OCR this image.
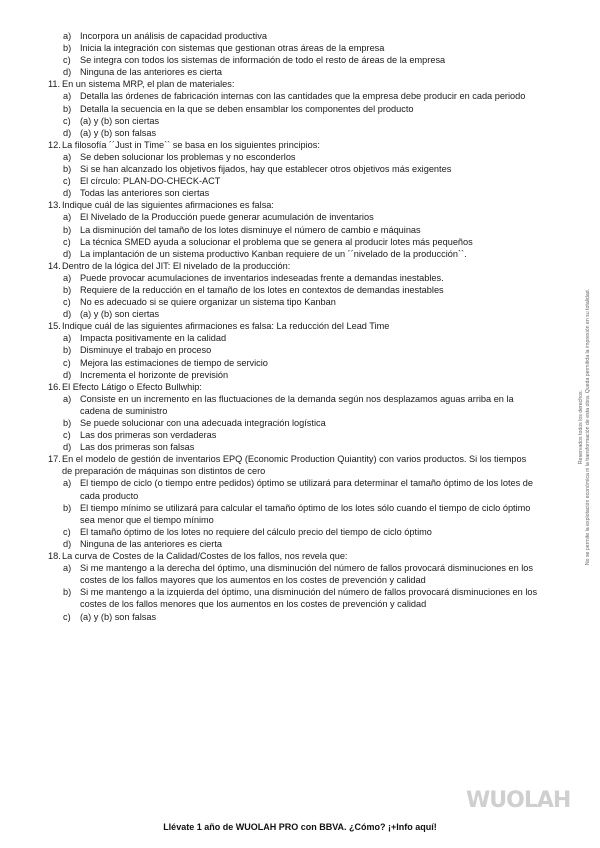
a) Incorpora un análisis de capacidad productiva
b) Inicia la integración con sistemas que gestionan otras áreas de la empresa
c) Se integra con todos los sistemas de información de todo el resto de áreas de la empresa
d) Ninguna de las anteriores es cierta
11. En un sistema MRP, el plan de materiales:
a) Detalla las órdenes de fabricación internas con las cantidades que la empresa debe producir en cada periodo
b) Detalla la secuencia en la que se deben ensamblar los componentes del producto
c) (a) y (b) son ciertas
d) (a) y (b) son falsas
12.La filosofía ´´Just in Time`` se basa en los siguientes principios:
a) Se deben solucionar los problemas y no esconderlos
b) Si se han alcanzado los objetivos fijados, hay que establecer otros objetivos más exigentes
c) El círculo: PLAN-DO-CHECK-ACT
d) Todas las anteriores son ciertas
13.Indique cuál de las siguientes afirmaciones es falsa:
a) El Nivelado de la Producción puede generar acumulación de inventarios
b) La disminución del tamaño de los lotes disminuye el número de cambio e máquinas
c) La técnica SMED ayuda a solucionar el problema que se genera al producir lotes más pequeños
d) La implantación de un sistema productivo Kanban requiere de un ´´nivelado de la producción``.
14.Dentro de la lógica del JIT: El nivelado de la producción:
a) Puede provocar acumulaciones de inventarios indeseadas frente a demandas inestables.
b) Requiere de la reducción en el tamaño de los lotes en contextos de demandas inestables
c) No es adecuado si se quiere organizar un sistema tipo Kanban
d) (a) y (b) son ciertas
15.Indique cuál de las siguientes afirmaciones es falsa: La reducción del Lead Time
a) Impacta positivamente en la calidad
b) Disminuye el trabajo en proceso
c) Mejora las estimaciones de tiempo de servicio
d) Incrementa el horizonte de previsión
16.El Efecto Látigo o Efecto Bullwhip:
a) Consiste en un incremento en las fluctuaciones de la demanda según nos desplazamos aguas arriba en la cadena de suministro
b) Se puede solucionar con una adecuada integración logística
c) Las dos primeras son verdaderas
d) Las dos primeras son falsas
17.En el modelo de gestión de inventarios EPQ (Economic Production Quiantity) con varios productos. Si los tiempos de preparación de máquinas son distintos de cero
a) El tiempo de ciclo (o tiempo entre pedidos) óptimo se utilizará para determinar el tamaño óptimo de los lotes de cada producto
b) El tiempo mínimo se utilizará para calcular el tamaño óptimo de los lotes sólo cuando el tiempo de ciclo óptimo sea menor que el tiempo mínimo
c) El tamaño óptimo de los lotes no requiere del cálculo precio del tiempo de ciclo óptimo
d) Ninguna de las anteriores es cierta
18.La curva de Costes de la Calidad/Costes de los fallos, nos revela que:
a) Si me mantengo a la derecha del óptimo, una disminución del número de fallos provocará disminuciones en los costes de los fallos mayores que los aumentos en los costes de prevención y calidad
b) Si me mantengo a la izquierda del óptimo, una disminución del número de fallos provocará disminuciones en los costes de los fallos menores que los aumentos en los costes de prevención y calidad
c) (a) y (b) son falsas
Reservados todos los derechos. No se permite la explotación económica ni la transformación de esta obra. Queda permitida la impresión en su totalidad.
WUOLAH
Llévate 1 año de WUOLAH PRO con BBVA. ¿Cómo? ¡+Info aquí!
